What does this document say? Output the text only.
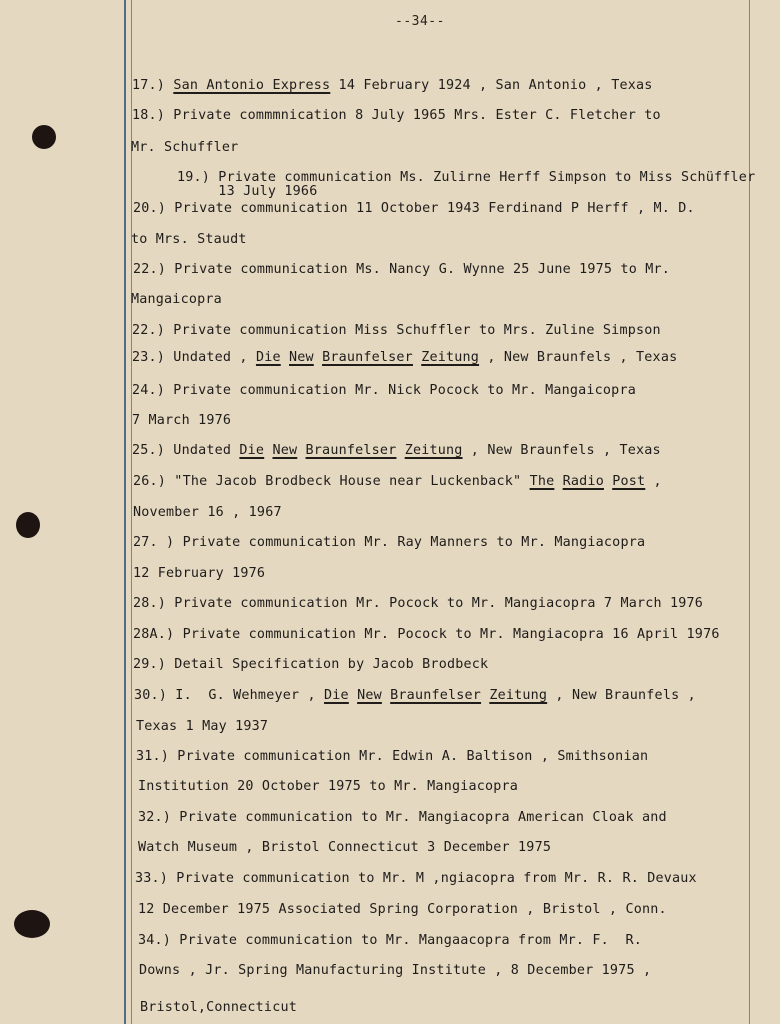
--34--
17.) San Antonio Express 14 February 1924 , San Antonio , Texas
18.) Private commmnication 8 July 1965 Mrs. Ester C. Fletcher to
Mr. Schuffler
19.) Private communication Ms. Zulirne Herff Simpson to Miss Schüffler
13 July 1966
20.) Private communication 11 October 1943 Ferdinand P Herff , M. D.
to Mrs. Staudt
22.) Private communication Ms. Nancy G. Wynne 25 June 1975 to Mr.
Mangaicopra
22.) Private communication Miss Schuffler to Mrs. Zuline Simpson
23.) Undated , Die New Braunfelser Zeitung , New Braunfels , Texas
24.) Private communication Mr. Nick Pocock to Mr. Mangaicopra
7 March 1976
25.) Undated Die New Braunfelser Zeitung , New Braunfels , Texas
26.) "The Jacob Brodbeck House near Luckenback" The Radio Post ,
November 16 , 1967
27. ) Private communication Mr. Ray Manners to Mr. Mangiacopra
12 February 1976
28.) Private communication Mr. Pocock to Mr. Mangiacopra 7 March 1976
28A.) Private communication Mr. Pocock to Mr. Mangiacopra 16 April 1976
29.) Detail Specification by Jacob Brodbeck
30.) I.  G. Wehmeyer , Die New Braunfelser Zeitung , New Braunfels ,
Texas 1 May 1937
31.) Private communication Mr. Edwin A. Baltison , Smithsonian
Institution 20 October 1975 to Mr. Mangiacopra
32.) Private communication to Mr. Mangiacopra American Cloak and
Watch Museum , Bristol Connecticut 3 December 1975
33.) Private communication to Mr. M ,ngiacopra from Mr. R. R. Devaux
12 December 1975 Associated Spring Corporation , Bristol , Conn.
34.) Private communication to Mr. Mangaacopra from Mr. F.  R.
Downs , Jr. Spring Manufacturing Institute , 8 December 1975 ,
Bristol,Connecticut
